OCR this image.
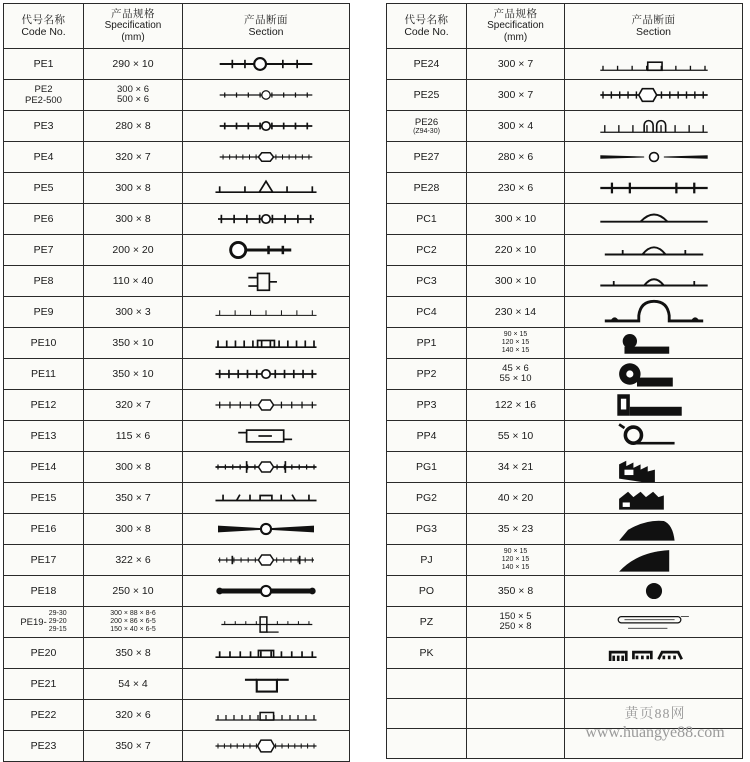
代号名称
Code No.	产品规格
Specification
(mm)	产品断面
Section

PE1	290 × 10

PE2
PE2-500	300 × 6
500 × 6

PE3	280 × 8

PE4	320 × 7

PE5	300 × 8

PE6	300 × 8

PE7	200 × 20

PE8	110 × 40

PE9	300 × 3

PE10	350 × 10

PE11	350 × 10

PE12	320 × 7

PE13	115 × 6

PE14	300 × 8

PE15	350 × 7

PE16	300 × 8

PE17	322 × 6

PE18	250 × 10

PE19-
29-30
29-20
29-15	300 × 88 × 8-6
200 × 86 × 6-5
150 × 40 × 6-5

PE20	350 × 8

PE21	54 × 4

PE22	320 × 6

PE23	350 × 7

代号名称
Code No.	产品规格
Specification
(mm)	产品断面
Section

PE24	300 × 7

PE25	300 × 7

PE26
(Z94-30)	300 × 4

PE27	280 × 6

PE28	230 × 6

PC1	300 × 10

PC2	220 × 10

PC3	300 × 10

PC4	230 × 14

PP1	90 × 15
120 × 15
140 × 15

PP2	45 × 6
55 × 10

PP3	122 × 16

PP4	55 × 10

PG1	34 × 21

PG2	40 × 20

PG3	35 × 23

PJ	90 × 15
120 × 15
140 × 15

PO	350 × 8

PZ	150 × 5
250 × 8

PK

黄页88网
www.huangye88.com
